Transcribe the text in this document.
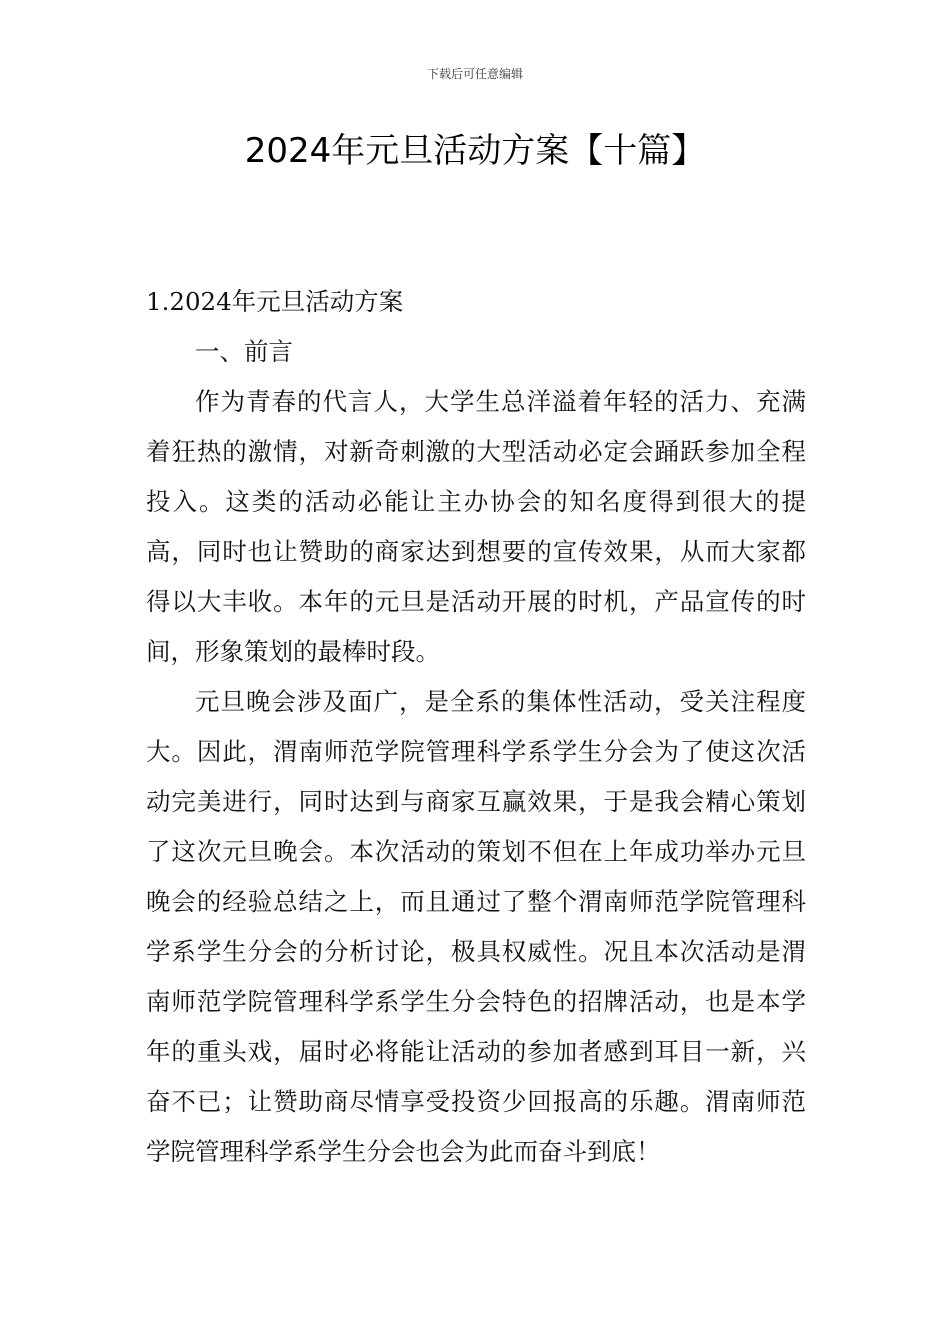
下载后可任意编辑
2024年元旦活动方案【十篇】

1.2024年元旦活动方案

一、前言

作为青春的代言人，大学生总洋溢着年轻的活力、充满着狂热的激情，对新奇刺激的大型活动必定会踊跃参加全程投入。这类的活动必能让主办协会的知名度得到很大的提高，同时也让赞助的商家达到想要的宣传效果，从而大家都得以大丰收。本年的元旦是活动开展的时机，产品宣传的时间，形象策划的最棒时段。

元旦晚会涉及面广，是全系的集体性活动，受关注程度大。因此，渭南师范学院管理科学系学生分会为了使这次活动完美进行，同时达到与商家互赢效果，于是我会精心策划了这次元旦晚会。本次活动的策划不但在上年成功举办元旦晚会的经验总结之上，而且通过了整个渭南师范学院管理科学系学生分会的分析讨论，极具权威性。况且本次活动是渭南师范学院管理科学系学生分会特色的招牌活动，也是本学年的重头戏，届时必将能让活动的参加者感到耳目一新，兴奋不已；让赞助商尽情享受投资少回报高的乐趣。渭南师范学院管理科学系学生分会也会为此而奋斗到底！
